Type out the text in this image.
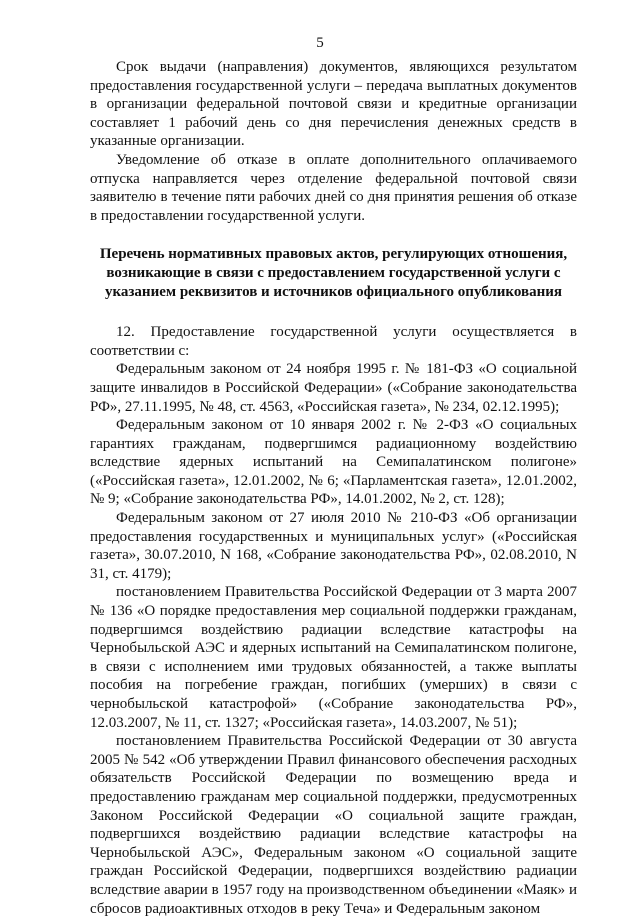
5

Срок выдачи (направления) документов, являющихся результатом предоставления государственной услуги – передача выплатных документов в организации федеральной почтовой связи и кредитные организации составляет 1 рабочий день со дня перечисления денежных средств в указанные организации.

Уведомление об отказе в оплате дополнительного оплачиваемого отпуска направляется через отделение федеральной почтовой связи заявителю в течение пяти рабочих дней со дня принятия решения об отказе в предоставлении государственной услуги.

Перечень нормативных правовых актов, регулирующих отношения, возникающие в связи с предоставлением государственной услуги с указанием реквизитов и источников официального опубликования

12. Предоставление государственной услуги осуществляется в соответствии с:

Федеральным законом от 24 ноября 1995 г. № 181-ФЗ «О социальной защите инвалидов в Российской Федерации» («Собрание законодательства РФ», 27.11.1995, № 48, ст. 4563, «Российская газета», № 234, 02.12.1995);

Федеральным законом от 10 января 2002 г. № 2-ФЗ «О социальных гарантиях гражданам, подвергшимся радиационному воздействию вследствие ядерных испытаний на Семипалатинском полигоне» («Российская газета», 12.01.2002, № 6; «Парламентская газета», 12.01.2002, № 9; «Собрание законодательства РФ», 14.01.2002, № 2, ст. 128);

Федеральным законом от 27 июля 2010 № 210-ФЗ «Об организации предоставления государственных и муниципальных услуг» («Российская газета», 30.07.2010, N 168, «Собрание законодательства РФ», 02.08.2010, N 31, ст. 4179);

постановлением Правительства Российской Федерации от 3 марта 2007 № 136 «О порядке предоставления мер социальной поддержки гражданам, подвергшимся воздействию радиации вследствие катастрофы на Чернобыльской АЭС и ядерных испытаний на Семипалатинском полигоне, в связи с исполнением ими трудовых обязанностей, а также выплаты пособия на погребение граждан, погибших (умерших) в связи с чернобыльской катастрофой» («Собрание законодательства РФ», 12.03.2007, № 11, ст. 1327; «Российская газета», 14.03.2007, № 51);

постановлением Правительства Российской Федерации от 30 августа 2005 № 542 «Об утверждении Правил финансового обеспечения расходных обязательств Российской Федерации по возмещению вреда и предоставлению гражданам мер социальной поддержки, предусмотренных Законом Российской Федерации «О социальной защите граждан, подвергшихся воздействию радиации вследствие катастрофы на Чернобыльской АЭС», Федеральным законом «О социальной защите граждан Российской Федерации, подвергшихся воздействию радиации вследствие аварии в 1957 году на производственном объединении «Маяк» и сбросов радиоактивных отходов в реку Теча» и Федеральным законом
